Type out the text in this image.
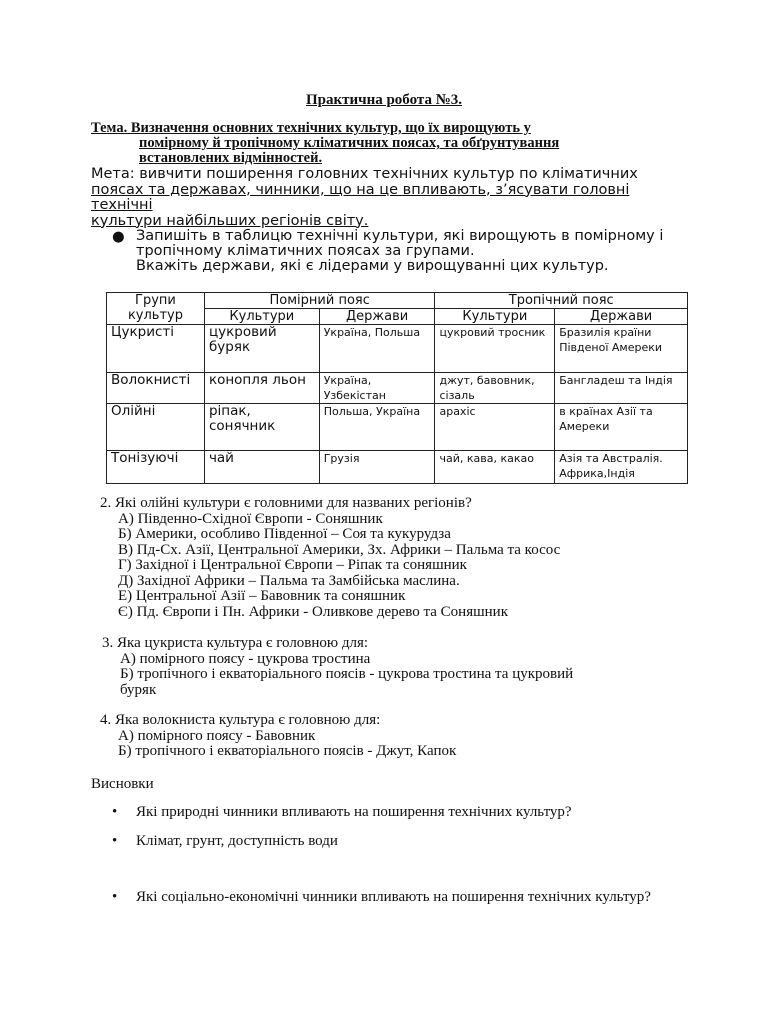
Практична робота №3.
Тема. Визначення основних технічних культур, що їх вирощують у
помірному й тропічному кліматичних поясах, та обґрунтування
встановлених відмінностей.
Мета: вивчити поширення головних технічних культур по кліматичних
поясах та державах, чинники, що на це впливають, з’ясувати головні технічні
культури найбільших регіонів світу.
● Запишіть в таблицю технічні культури, які вирощують в помірному і тропічному кліматичних поясах за групами.
Вкажіть держави, які є лідерами у вирощуванні цих культур.
Групи культур	Помірний пояс		Тропічний пояс	
	Культури	Держави	Культури	Держави
Цукристі	цукровий буряк	Україна, Польша	цукровий тросник	Бразилія країни Південої Амереки
Волокнисті	конопля льон	Україна, Узбекістан	джут, бавовник, сізаль	Бангладеш та Індія
Олійні	ріпак, сонячник	Польша, Україна	арахіс	в країнах Азії та Амереки
Тонізуючі	чай	Грузія	чай, кава, какао	Азія та Австралія. Африка,Індія
2. Які олійні культури є головними для названих регіонів?
А) Південно-Східної Європи - Соняшник
Б) Америки, особливо Південної – Соя та кукурудза
В) Пд-Сх. Азії, Центральної Америки, Зх. Африки – Пальма та косос
Г) Західної і Центральної Європи – Ріпак та соняшник
Д) Західної Африки – Пальма та Замбійська маслина.
Е) Центральної Азії – Бавовник та соняшник
Є) Пд. Європи і Пн. Африки - Оливкове дерево та Соняшник
3. Яка цукриста культура є головною для:
А) помірного поясу - цукрова тростина
Б) тропічного і екваторіального поясів - цукрова тростина та цукровий
буряк
4. Яка волокниста культура є головною для:
А) помірного поясу - Бавовник
Б) тропічного і екваторіального поясів - Джут, Капок
Висновки
• Які природні чинники впливають на поширення технічних культур?
• Клімат, грунт, доступність води
• Які соціально-економічні чинники впливають на поширення технічних культур?
